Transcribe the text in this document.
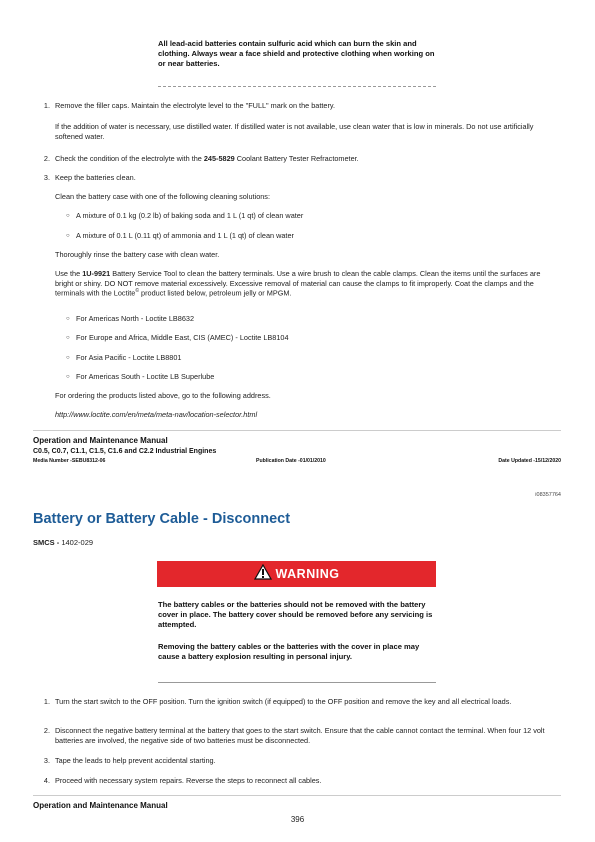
All lead-acid batteries contain sulfuric acid which can burn the skin and clothing. Always wear a face shield and protective clothing when working on or near batteries.
1. Remove the filler caps. Maintain the electrolyte level to the "FULL" mark on the battery.
If the addition of water is necessary, use distilled water. If distilled water is not available, use clean water that is low in minerals. Do not use artificially softened water.
2. Check the condition of the electrolyte with the 245-5829 Coolant Battery Tester Refractometer.
3. Keep the batteries clean.
Clean the battery case with one of the following cleaning solutions:
○ A mixture of 0.1 kg (0.2 lb) of baking soda and 1 L (1 qt) of clean water
○ A mixture of 0.1 L (0.11 qt) of ammonia and 1 L (1 qt) of clean water
Thoroughly rinse the battery case with clean water.
Use the 1U-9921 Battery Service Tool to clean the battery terminals. Use a wire brush to clean the cable clamps. Clean the items until the surfaces are bright or shiny. DO NOT remove material excessively. Excessive removal of material can cause the clamps to fit improperly. Coat the clamps and the terminals with the Loctite© product listed below, petroleum jelly or MPGM.
○ For Americas North - Loctite LB8632
○ For Europe and Africa, Middle East, CIS (AMEC) - Loctite LB8104
○ For Asia Pacific - Loctite LB8801
○ For Americas South - Loctite LB Superlube
For ordering the products listed above, go to the following address.
http://www.loctite.com/en/meta/meta-nav/location-selector.html
Operation and Maintenance Manual
C0.5, C0.7, C1.1, C1.5, C1.6 and C2.2 Industrial Engines
Media Number -SEBU8312-06	Publication Date -01/01/2010	Date Updated -15/12/2020
i08357764
Battery or Battery Cable - Disconnect
SMCS - 1402-029
WARNING
The battery cables or the batteries should not be removed with the battery cover in place. The battery cover should be removed before any servicing is attempted.
Removing the battery cables or the batteries with the cover in place may cause a battery explosion resulting in personal injury.
1. Turn the start switch to the OFF position. Turn the ignition switch (if equipped) to the OFF position and remove the key and all electrical loads.
2. Disconnect the negative battery terminal at the battery that goes to the start switch. Ensure that the cable cannot contact the terminal. When four 12 volt batteries are involved, the negative side of two batteries must be disconnected.
3. Tape the leads to help prevent accidental starting.
4. Proceed with necessary system repairs. Reverse the steps to reconnect all cables.
Operation and Maintenance Manual
396
